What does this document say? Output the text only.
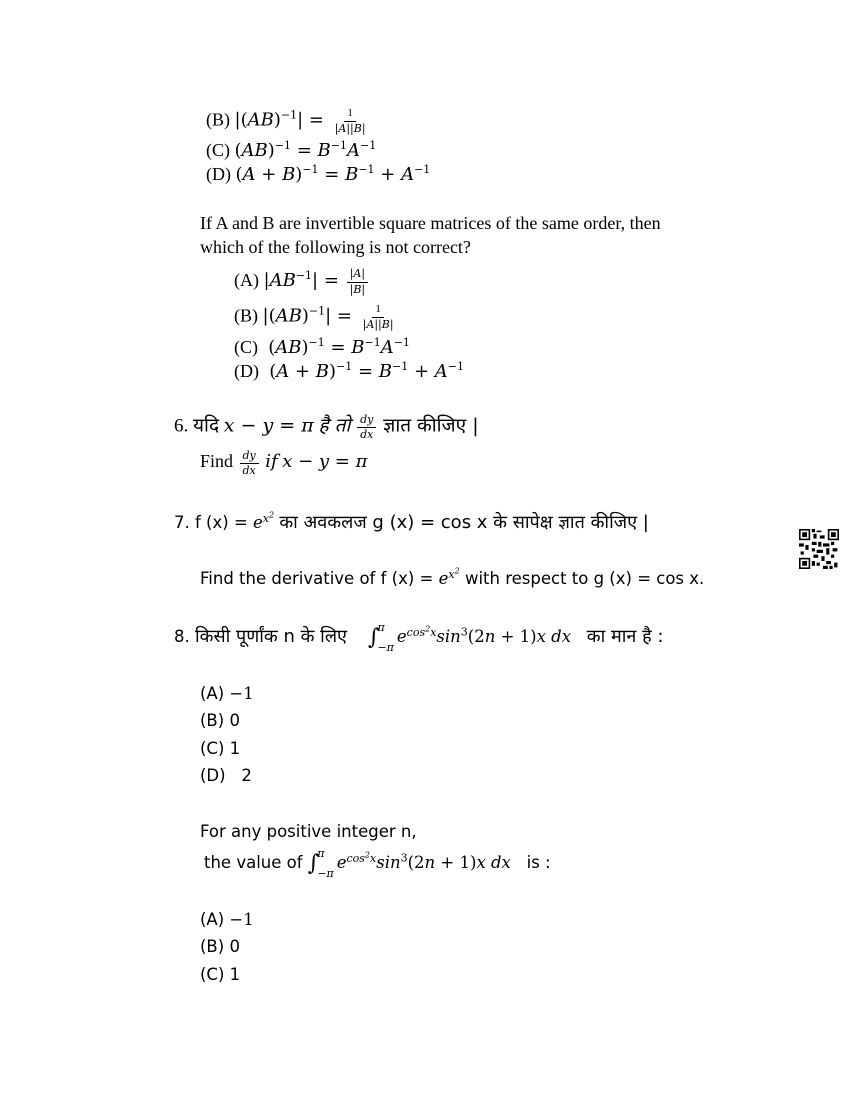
(B) $|(AB)^{-1}| = \frac{1}{|A||B|}$
(C) $(AB)^{-1} = B^{-1}A^{-1}$
(D) $(A + B)^{-1} = B^{-1} + A^{-1}$
If A and B are invertible square matrices of the same order, then
which of the following is not correct?
(A) $|AB^{-1}| = \frac{|A|}{|B|}$
(B) $|(AB)^{-1}| = \frac{1}{|A||B|}$
(C)  $(AB)^{-1} = B^{-1}A^{-1}$
(D)  $(A + B)^{-1} = B^{-1} + A^{-1}$
6. यदि x − y = π है तो $\frac{dy}{dx}$ ज्ञात कीजिए |
Find $\frac{dy}{dx}$ if x − y = π
7. f $(x) = e^{x^2}$ का अवकलज g (x) = cos x के सापेक्ष ज्ञात कीजिए |
Find the derivative of f $(x) = e^{x^2}$ with respect to g (x) = cos x.
8. किसी पूर्णांक n के लिए ∫
π
−π
$e^{cos^2x}\sin^3(2n + 1)x$ dx का मान है :
(A) −1
(B) 0
(C) 1
(D) 2
For any positive integer n,
the value of ∫
π
−π
$e^{cos^2x}\sin^3(2n + 1)x$ dx is :
(A) −1
(B) 0
(C) 1
